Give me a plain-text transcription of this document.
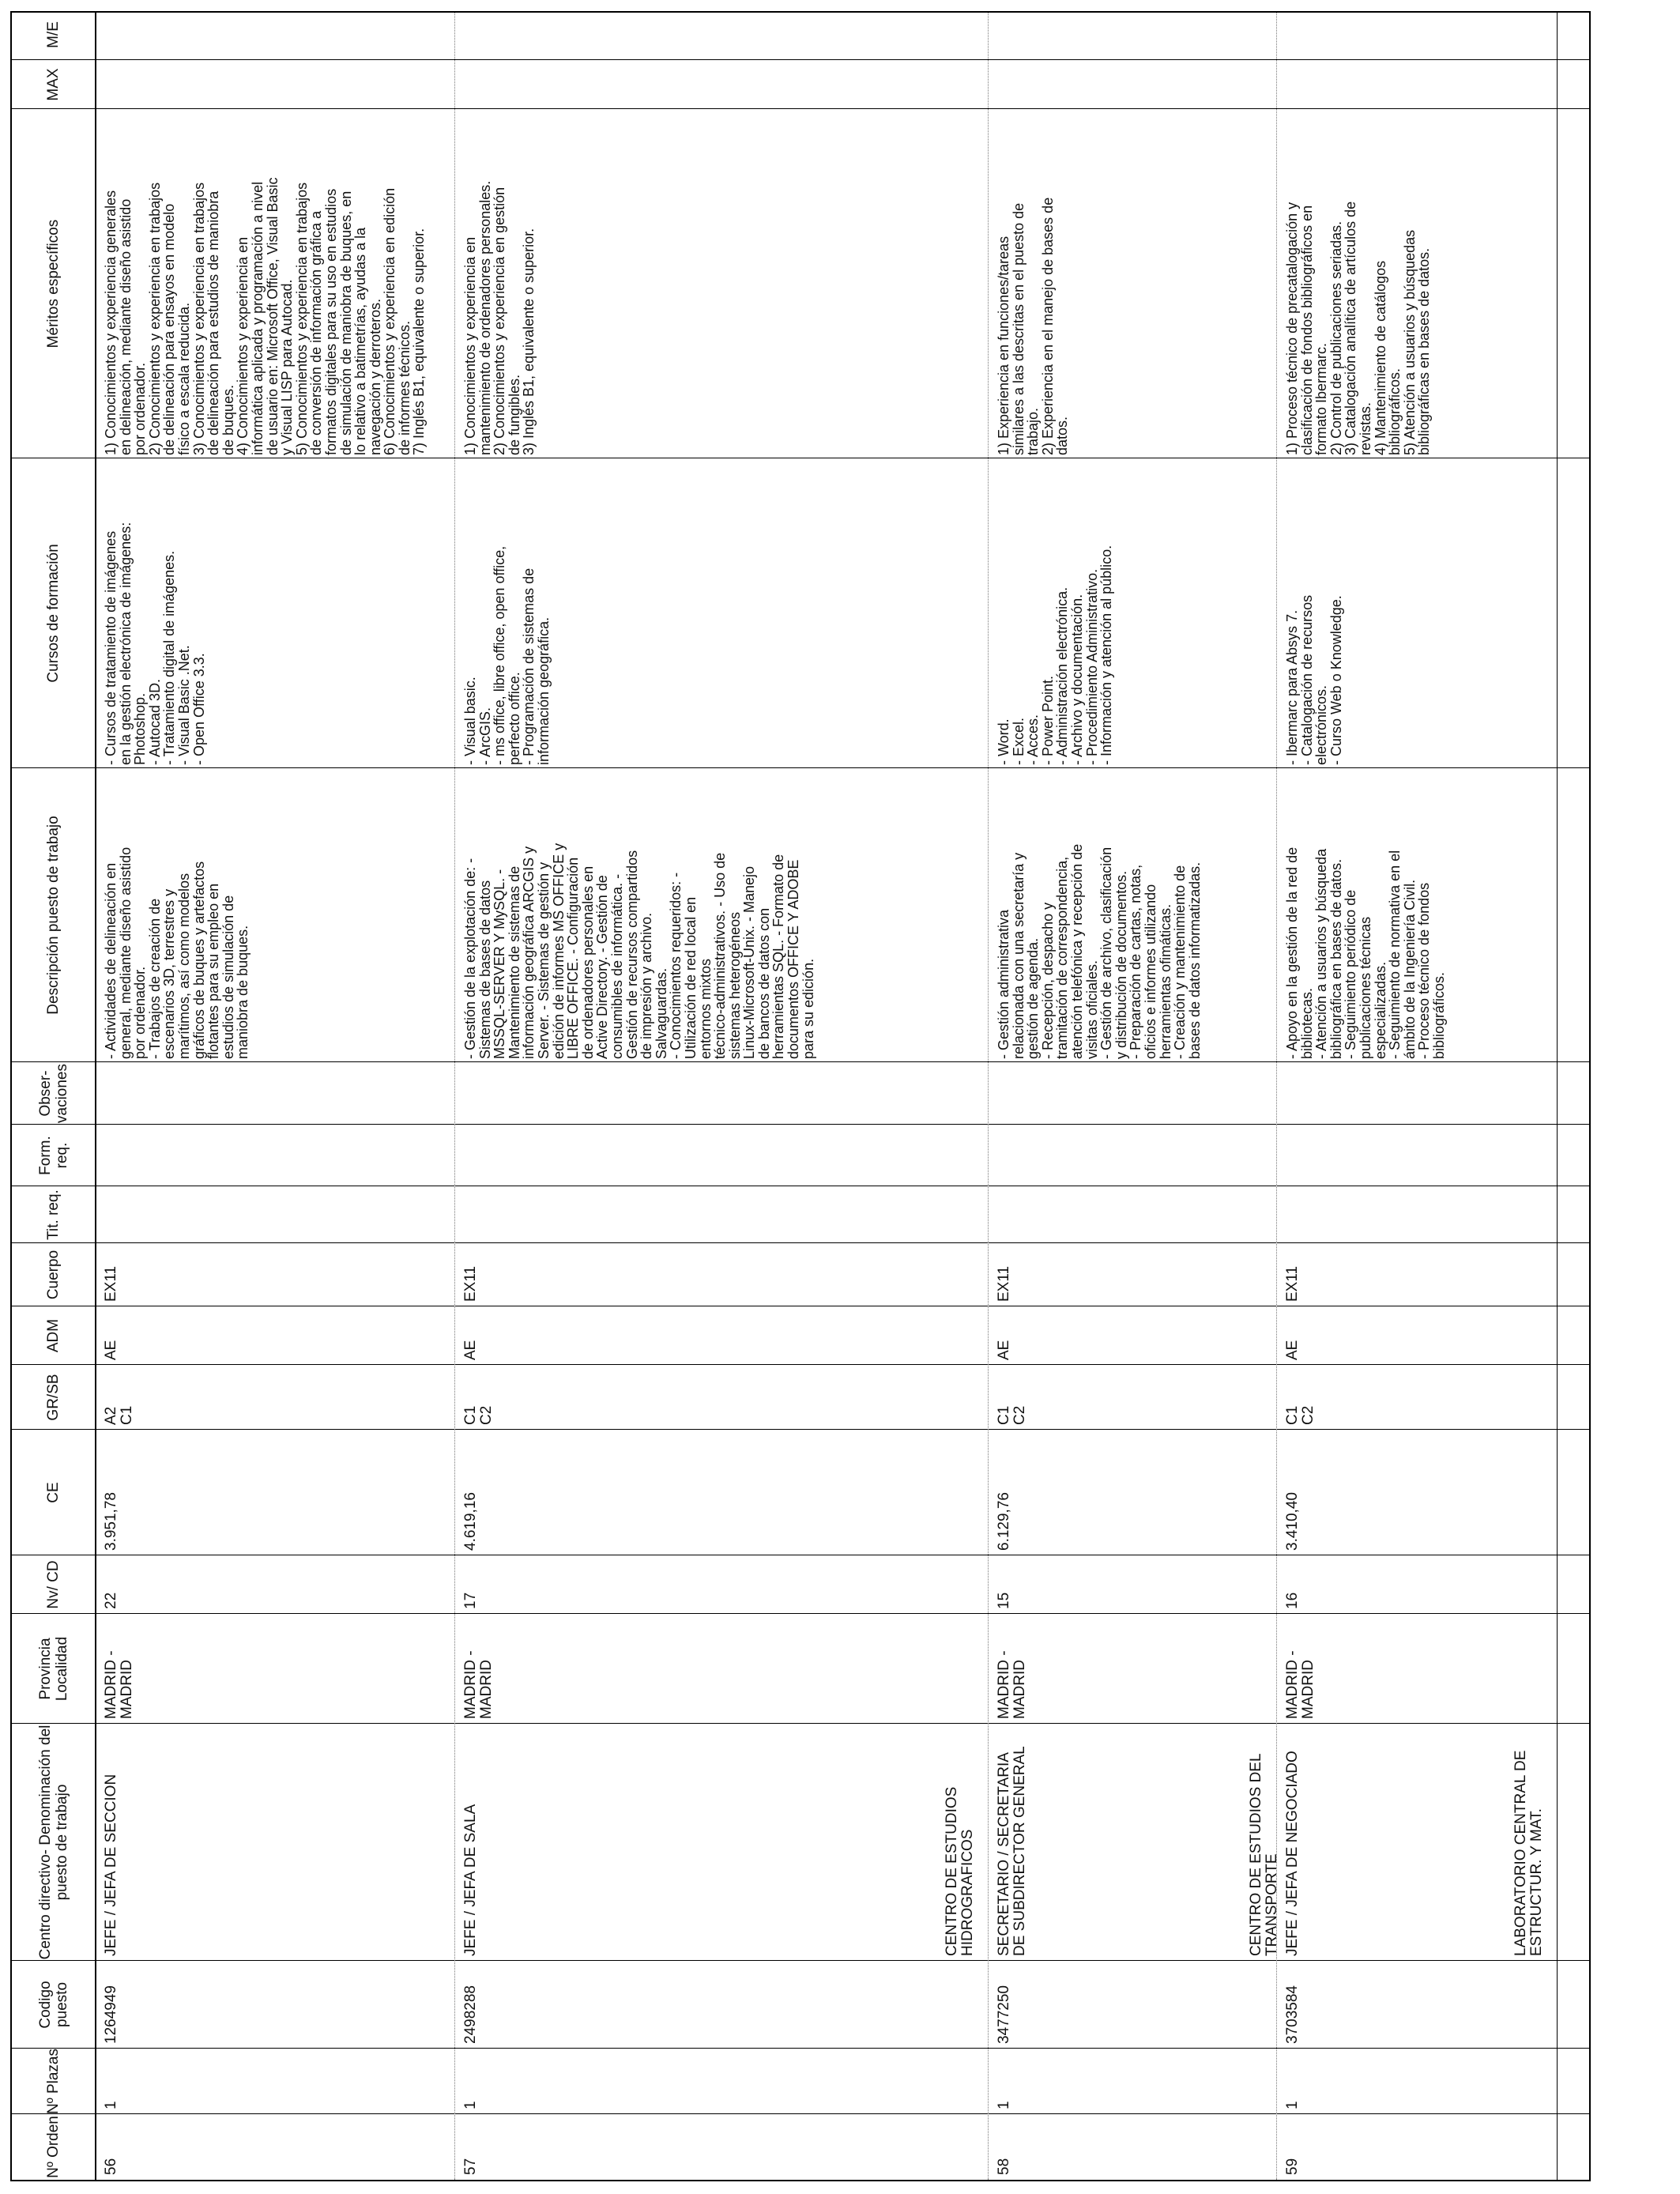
Nº Orden
Nº Plazas
Codigo puesto
Centro directivo- Denominación del puesto de trabajo
Provincia Localidad
Nv/ CD
CE
GR/SB
ADM
Cuerpo
Tit. req.
Form. req.
Obser- vaciones
Descripción puesto de trabajo
Cursos de formación
Méritos específicos
MAX
M/E
56
1
1264949
JEFE / JEFA DE SECCION
MADRID -
MADRID
22
3.951,78
A2
C1
AE
EX11
- Actividades de delineación en
general, mediante diseño asistido
por ordenador.
- Trabajos de creación de
escenarios 3D, terrestres y
marítimos, así como modelos
gráficos de buques y artefactos
flotantes para su empleo en
estudios de simulación de
maniobra de buques.
- Cursos de tratamiento de imágenes
en la gestión electrónica de imágenes:
Photoshop.
- Autocad 3D.
- Tratamiento digital de imágenes.
- Visual Basic .Net.
- Open Office 3.3.
1) Conocimientos y experiencia generales
en delineación, mediante diseño asistido
por ordenador.
2) Conocimientos y experiencia en trabajos
de delineación para ensayos en modelo
físico a escala reducida.
3) Conocimientos y experiencia en trabajos
de delineación para estudios de maniobra
de buques.
4) Conocimientos y experiencia en
informática aplicada y programación a nivel
de usuario en: Microsoft Office, Visual Basic
y Visual LISP para Autocad.
5) Conocimientos y experiencia en trabajos
de conversión de información gráfica a
formatos digitales para su uso en estudios
de simulación de maniobra de buques, en
lo relativo a batimetrías, ayudas a la
navegación y derroteros.
6) Conocimientos y experiencia en edición
de informes técnicos.
7) Inglés B1, equivalente o superior.
57
1
2498288
JEFE / JEFA DE SALA
MADRID -
MADRID
17
4.619,16
C1
C2
AE
EX11
- Gestión de la explotación de: -
Sistemas de bases de datos
MSSQL-SERVER Y MySQL. -
Mantenimiento de sistemas de
información geográfica ARCGIS y
Server. - Sistemas de gestión y
edición de informes MS OFFICE y
LIBRE OFFICE. - Configuración
de ordenadores personales en
Active Directory. - Gestión de
consumibles de informática. -
Gestión de recursos compartidos
de impresión y archivo.
Salvaguardas.
- Conocimientos requeridos: -
Utilización de red local en
entornos mixtos
técnico-administrativos. - Uso de
sistemas heterogéneos
Linux-Microsoft-Unix. - Manejo
de bancos de datos con
herramientas SQL. - Formato de
documentos OFFICE Y ADOBE
para su edición.
- Visual basic.
- ArcGIS.
- ms office, libre office, open office,
perfecto office.
- Programación de sistemas de
información geográfica.
1) Conocimientos y experiencia en
mantenimiento de ordenadores personales.
2) Conocimientos y experiencia en gestión
de fungibles.
3) Inglés B1, equivalente o superior.
CENTRO DE ESTUDIOS
HIDROGRAFICOS
58
1
3477250
SECRETARIO / SECRETARIA
DE SUBDIRECTOR GENERAL
MADRID -
MADRID
15
6.129,76
C1
C2
AE
EX11
- Gestión administrativa
relacionada con una secretaría y
gestión de agenda.
- Recepción, despacho y
tramitación de correspondencia,
atención telefónica y recepción de
visitas oficiales.
- Gestión de archivo, clasificación
y distribución de documentos.
- Preparación de cartas, notas,
oficios e informes utilizando
herramientas ofimáticas.
- Creación y mantenimiento de
bases de datos informatizadas.
- Word.
- Excel.
- Acces.
- Power Point.
- Administración electrónica.
- Archivo y documentación.
- Procedimiento Administrativo.
- Información y atención al público.
1) Experiencia en funciones/tareas
similares a las descritas en el puesto de
trabajo.
2) Experiencia en el manejo de bases de
datos.
CENTRO DE ESTUDIOS DEL
TRANSPORTE
59
1
3703584
JEFE / JEFA DE NEGOCIADO
MADRID -
MADRID
16
3.410,40
C1
C2
AE
EX11
- Apoyo en la gestión de la red de
bibliotecas.
- Atención a usuarios y búsqueda
bibliográfica en bases de datos.
- Seguimiento periódico de
publicaciones técnicas
especializadas.
- Seguimiento de normativa en el
ámbito de la Ingeniería Civil.
- Proceso técnico de fondos
bibliográficos.
- Ibermarc para Absys 7.
- Catalogación de recursos
electrónicos.
- Curso Web o Knowledge.
1) Proceso técnico de precatalogación y
clasificación de fondos bibliográficos en
formato Ibermarc.
2) Control de publicaciones seriadas.
3) Catalogación analítica de artículos de
revistas.
4) Mantenimiento de catálogos
bibliográficos.
5) Atención a usuarios y búsquedas
bibliográficas en bases de datos.
LABORATORIO CENTRAL DE
ESTRUCTUR. Y MAT.
